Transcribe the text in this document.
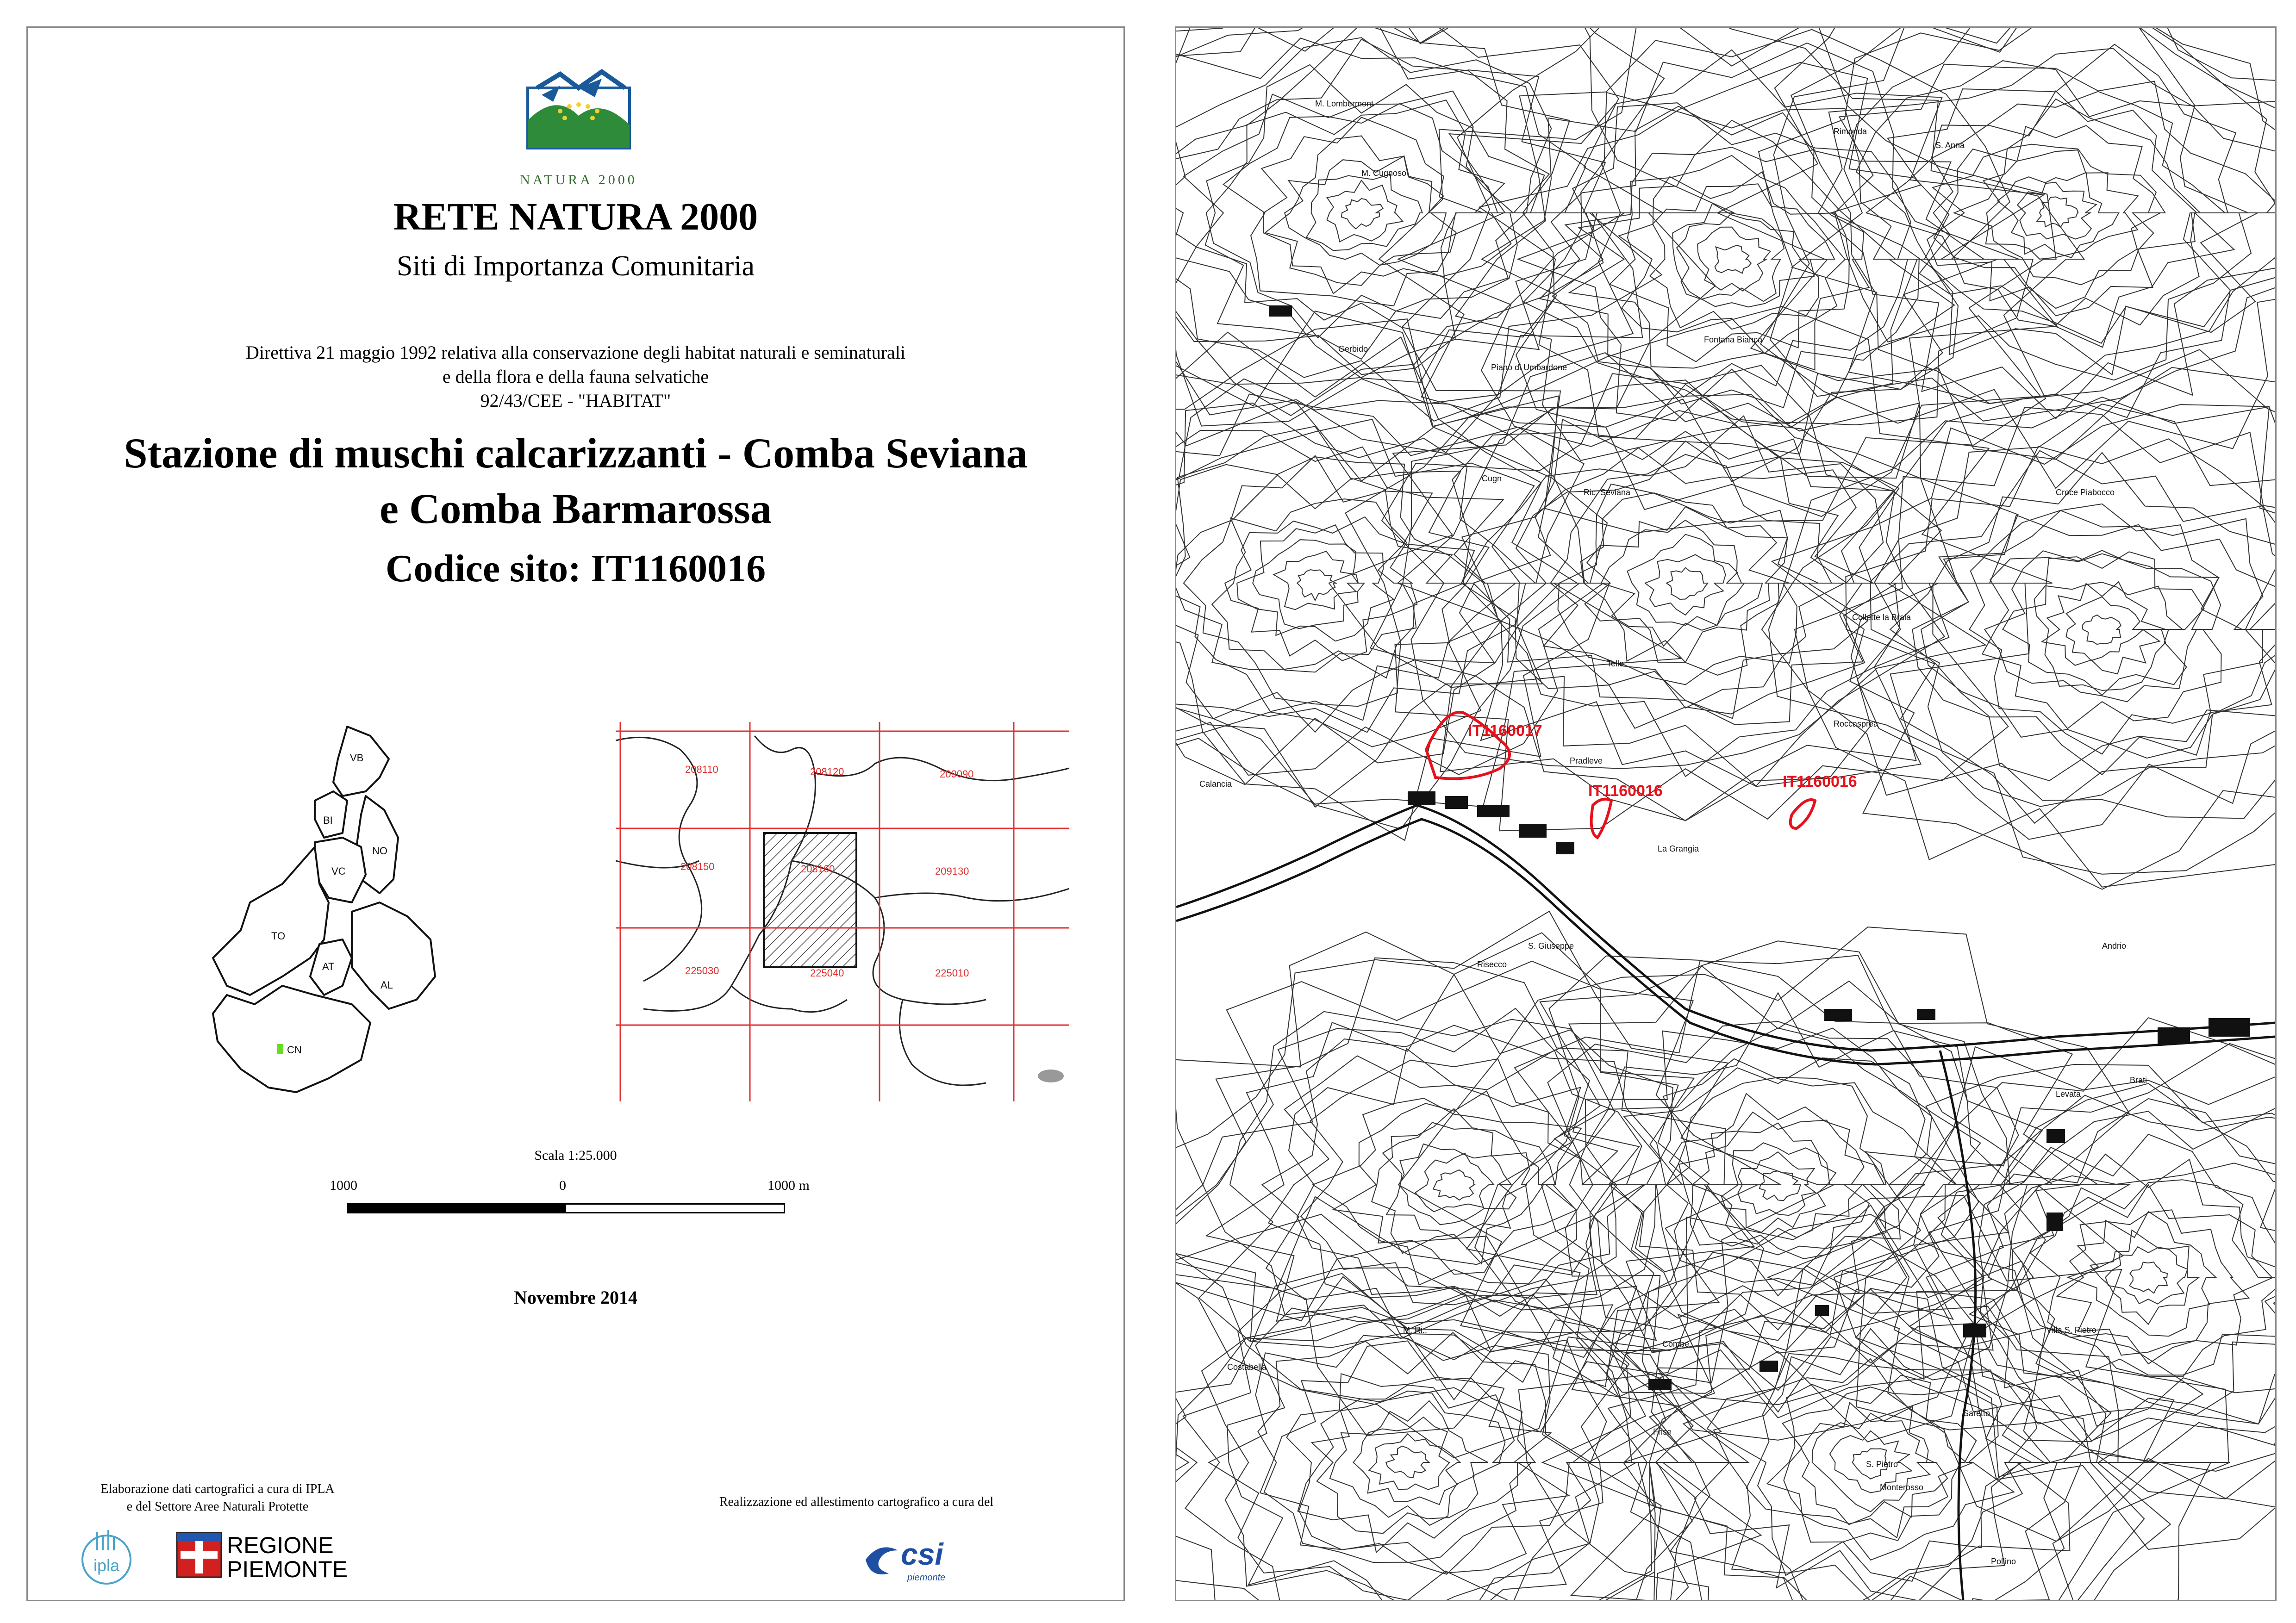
NATURA 2000
RETE NATURA 2000
Siti di Importanza Comunitaria
Direttiva 21 maggio 1992 relativa alla conservazione degli habitat naturali e seminaturali
e della flora e della fauna selvatiche
92/43/CEE - "HABITAT"
Stazione di muschi calcarizzanti - Comba Seviana
e Comba Barmarossa
Codice sito: IT1160016
VB
BI
NO
VC
TO
AT
AL
CN
208110	208120	209090
208150	208160	209130
225030	225040	225010
Scala 1:25.000
1000	0	1000 m
Novembre 2014
Elaborazione dati cartografici a cura di IPLA
e del Settore Aree Naturali Protette	Realizzazione ed allestimento cartografico a cura del
ipla
REGIONE
PIEMONTE	csi
piemonte
IT1160017
IT1160016
IT1160016
Rimonda
S. Anna
M. Lombermont
M. Cugnoso
Gerbido
Fontana Bianca
Piano di Umbardone
Cugn
Ric. Seviana
Telle
Roccasprea
Pradleve
La Grangia
Calancia
Collette la Braia
Croce Piabocco
Andrio
Brati
Levata
Villa S. Pietro
Risecco
S. Giuseppe
M. Ri..
Combe
Frise
Saretto
S. Pietro
Monterosso
Pollino
Costabella
